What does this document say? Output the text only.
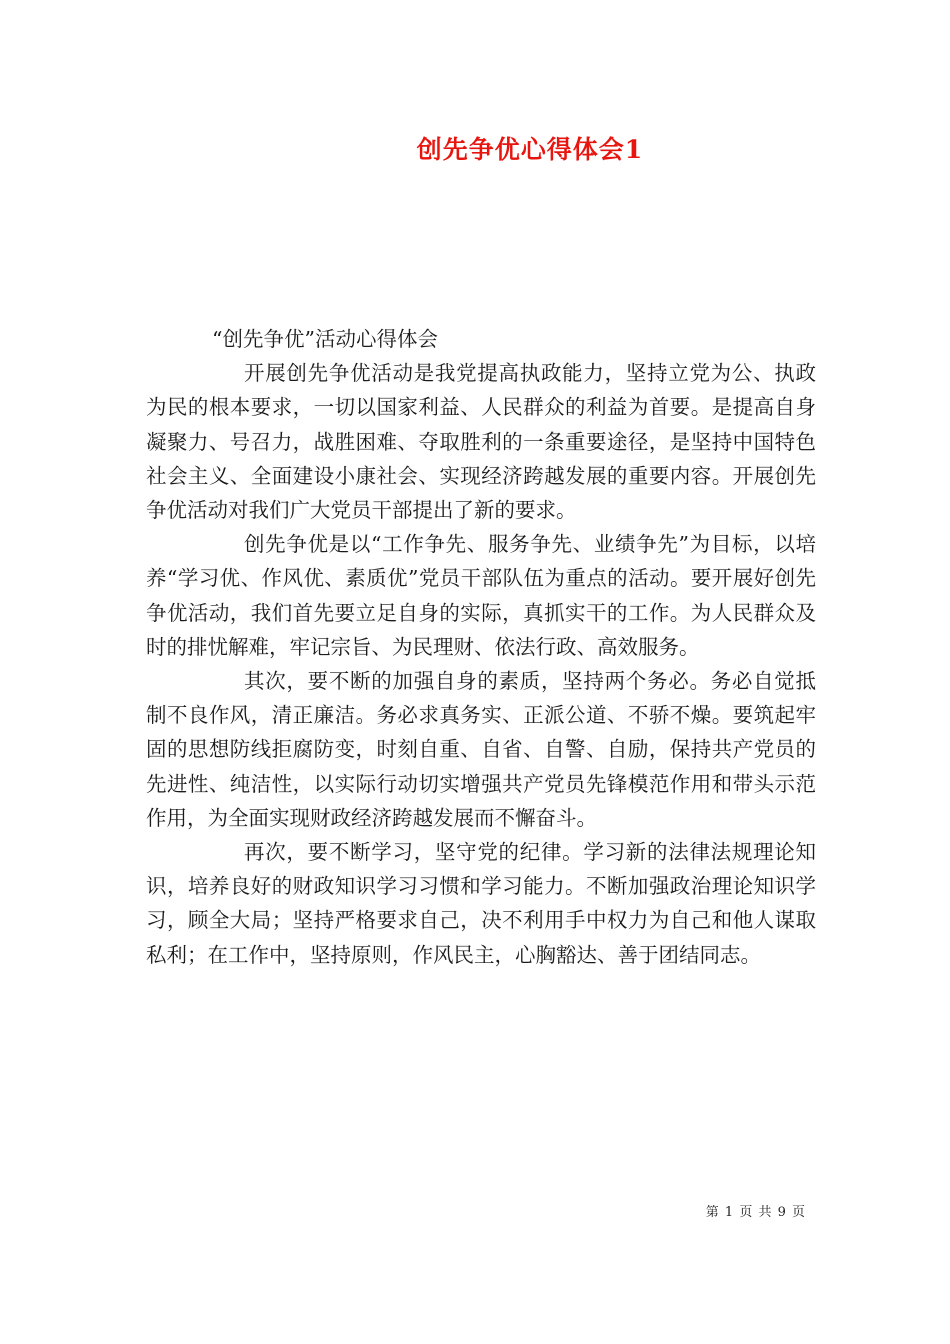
创先争优心得体会1

“创先争优”活动心得体会

开展创先争优活动是我党提高执政能力，坚持立党为公、执政为民的根本要求，一切以国家利益、人民群众的利益为首要。是提高自身凝聚力、号召力，战胜困难、夺取胜利的一条重要途径，是坚持中国特色社会主义、全面建设小康社会、实现经济跨越发展的重要内容。开展创先争优活动对我们广大党员干部提出了新的要求。

创先争优是以“工作争先、服务争先、业绩争先”为目标，以培养“学习优、作风优、素质优”党员干部队伍为重点的活动。要开展好创先争优活动，我们首先要立足自身的实际，真抓实干的工作。为人民群众及时的排忧解难，牢记宗旨、为民理财、依法行政、高效服务。

其次，要不断的加强自身的素质，坚持两个务必。务必自觉抵制不良作风，清正廉洁。务必求真务实、正派公道、不骄不燥。要筑起牢固的思想防线拒腐防变，时刻自重、自省、自警、自励，保持共产党员的先进性、纯洁性，以实际行动切实增强共产党员先锋模范作用和带头示范作用，为全面实现财政经济跨越发展而不懈奋斗。

再次，要不断学习，坚守党的纪律。学习新的法律法规理论知识，培养良好的财政知识学习习惯和学习能力。不断加强政治理论知识学习，顾全大局；坚持严格要求自己，决不利用手中权力为自己和他人谋取私利；在工作中，坚持原则，作风民主，心胸豁达、善于团结同志。

第 1 页 共 9 页
